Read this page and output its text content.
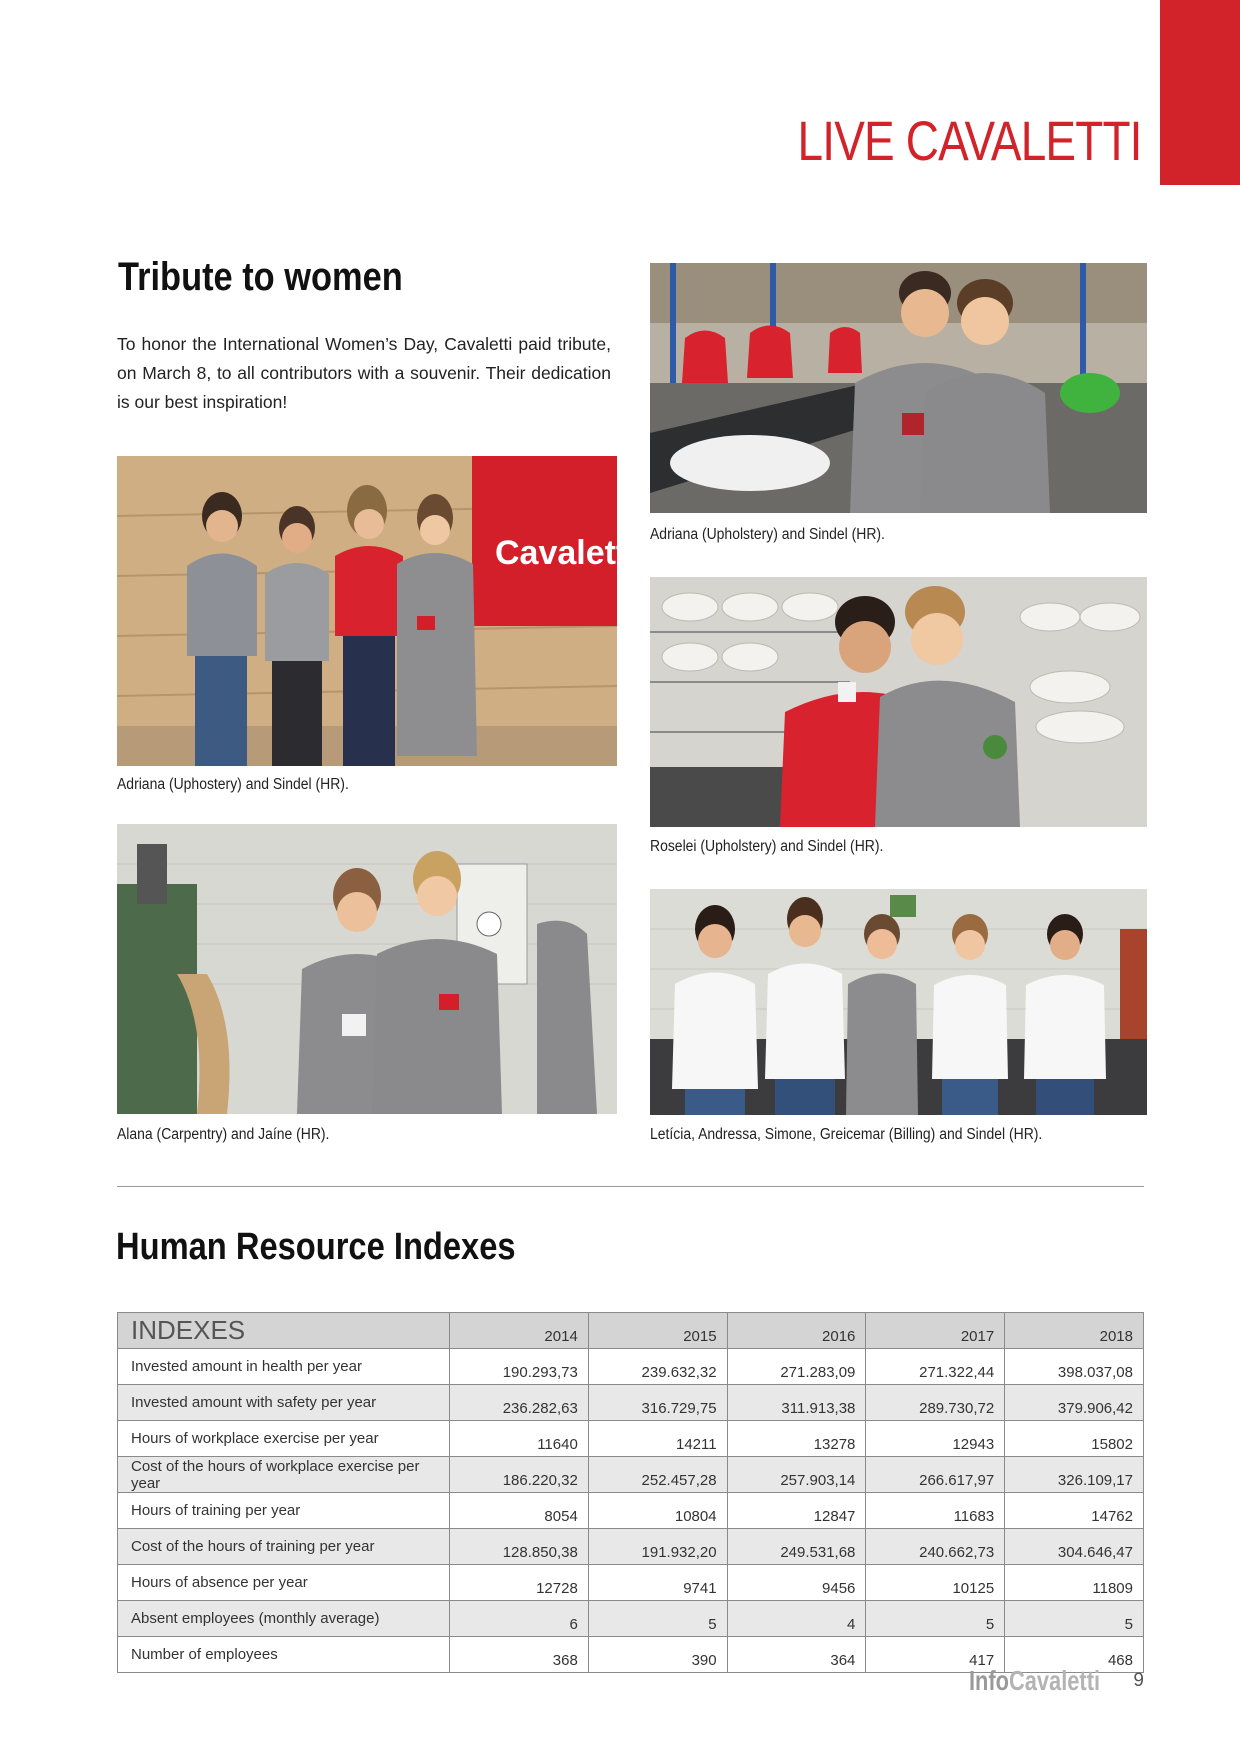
LIVE CAVALETTI
Tribute to women

To honor the International Women’s Day, Cavaletti paid tribute, on March 8, to all contributors with a souvenir. Their dedication is our best inspiration!

Cavaletti

Adriana (Uphostery) and Sindel (HR).

Alana (Carpentry) and Jaíne (HR).

Adriana (Upholstery) and Sindel (HR).

Roselei (Upholstery) and Sindel (HR).

Letícia, Andressa, Simone, Greicemar (Billing) and Sindel (HR).

Human Resource Indexes
INDEXES	2014	2015	2016	2017	2018
Invested amount in health per year	190.293,73	239.632,32	271.283,09	271.322,44	398.037,08
Invested amount with safety per year	236.282,63	316.729,75	311.913,38	289.730,72	379.906,42
Hours of workplace exercise per year	11640	14211	13278	12943	15802
Cost of the hours of workplace exercise per year	186.220,32	252.457,28	257.903,14	266.617,97	326.109,17
Hours of training per year	8054	10804	12847	11683	14762
Cost of the hours of training per year	128.850,38	191.932,20	249.531,68	240.662,73	304.646,47
Hours of absence per year	12728	9741	9456	10125	11809
Absent employees (monthly average)	6	5	4	5	5
Number of employees	368	390	364	417	468
InfoCavaletti 9
